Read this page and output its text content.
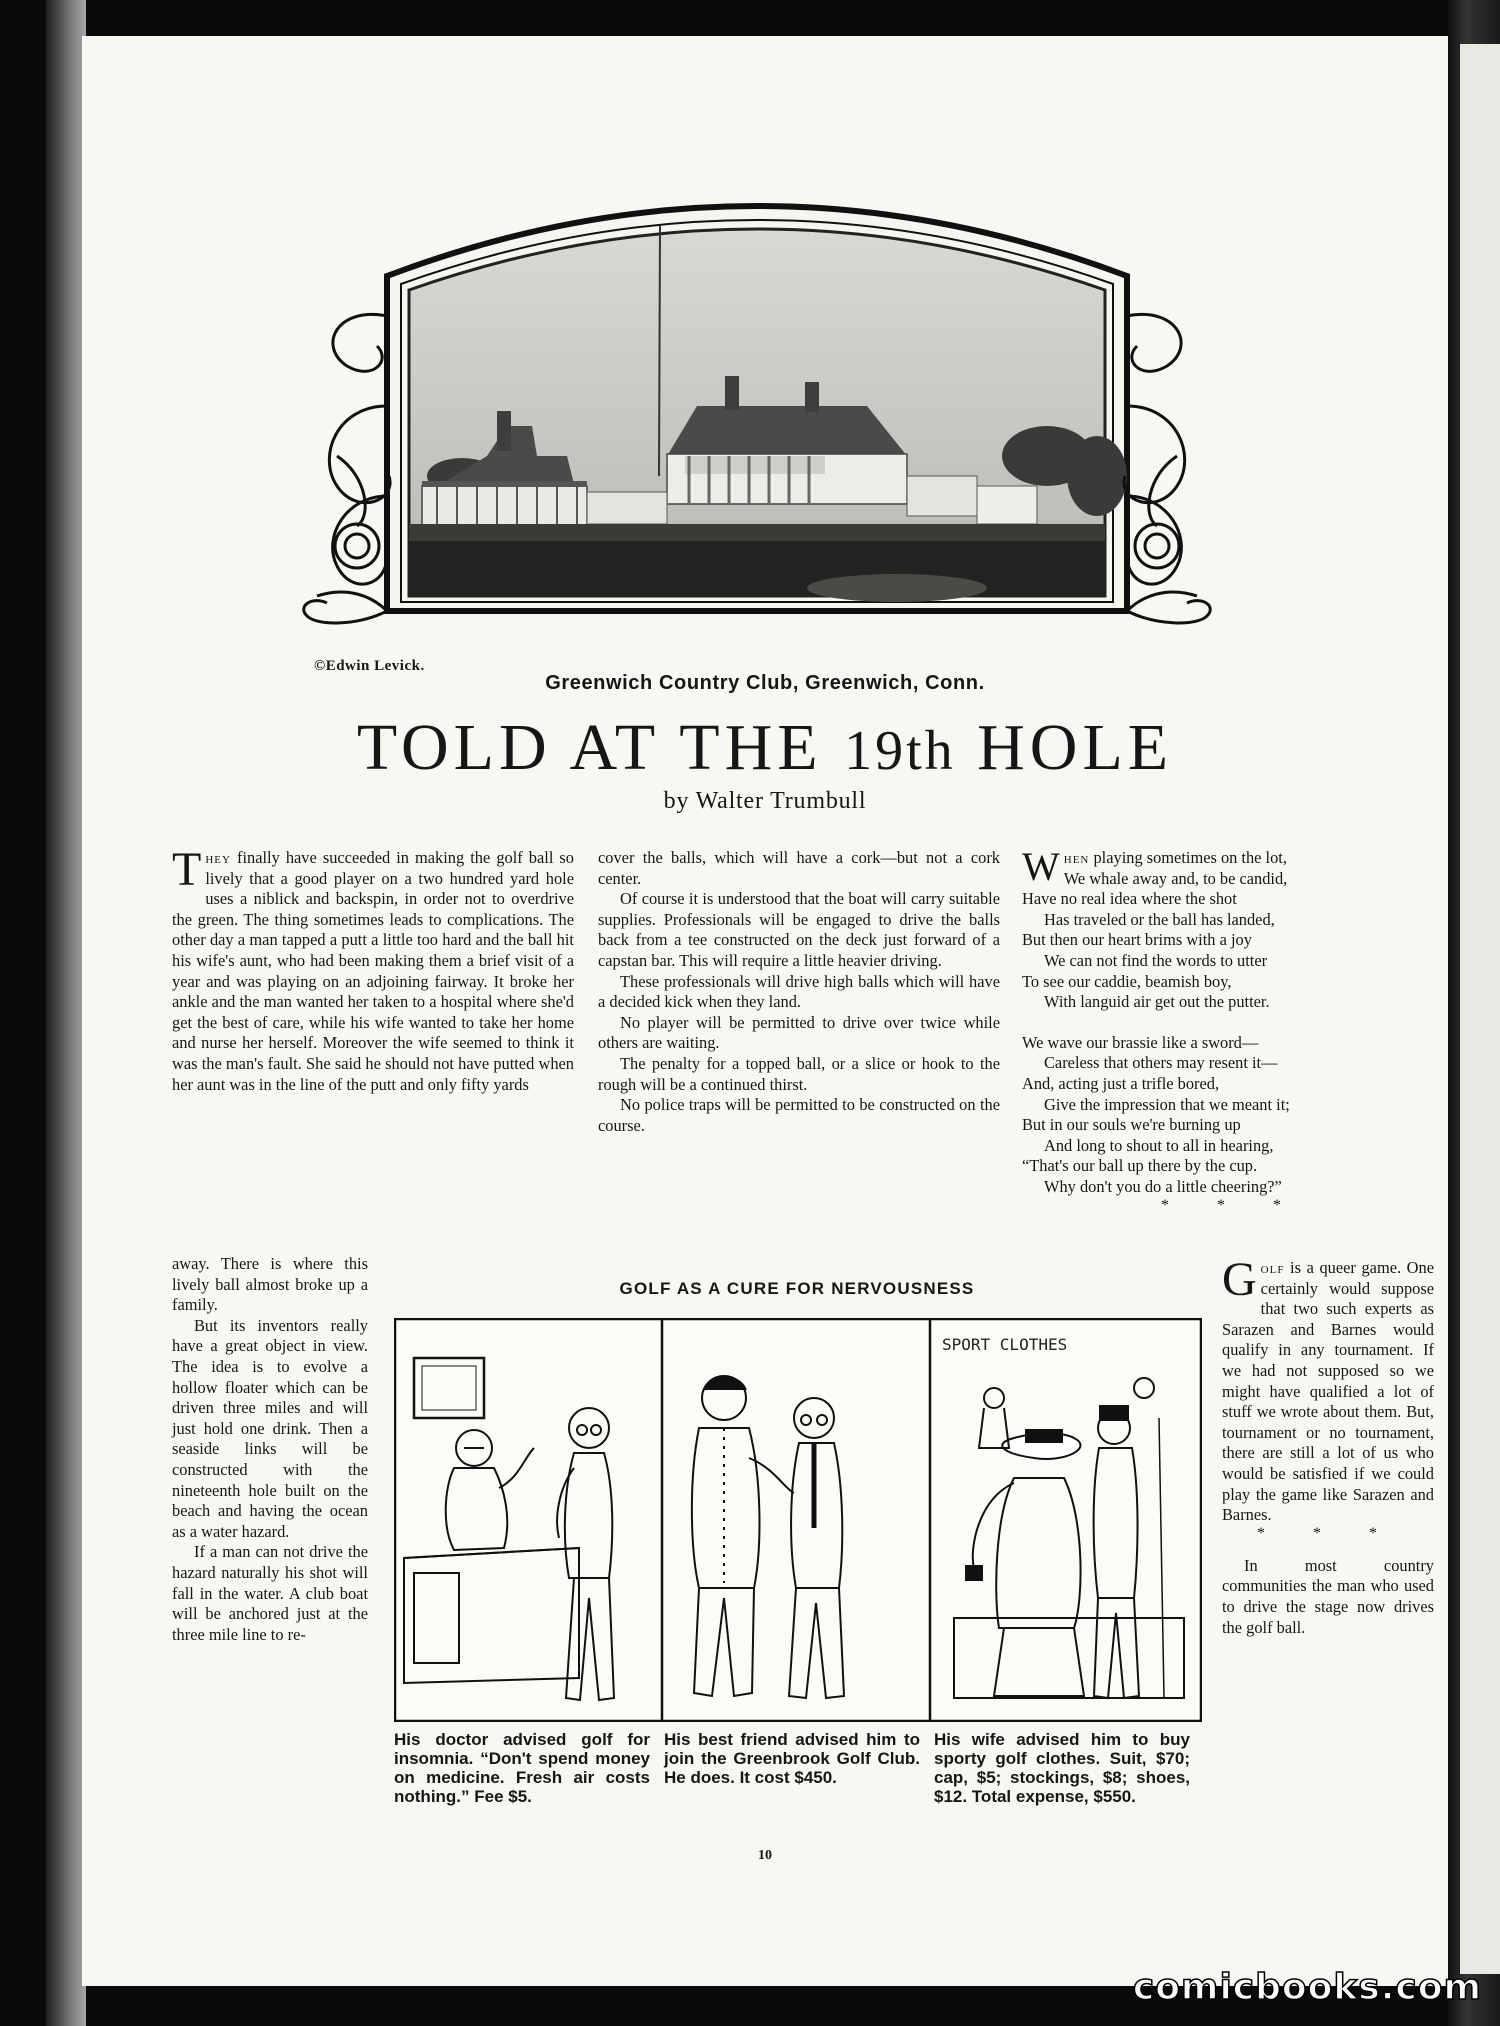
©Edwin Levick.
Greenwich Country Club, Greenwich, Conn.
TOLD AT THE 19th HOLE
by Walter Trumbull

They finally have succeeded in making the golf ball so lively that a good player on a two hundred yard hole uses a niblick and backspin, in order not to overdrive the green. The thing sometimes leads to complications. The other day a man tapped a putt a little too hard and the ball hit his wife's aunt, who had been making them a brief visit of a year and was playing on an adjoining fairway. It broke her ankle and the man wanted her taken to a hospital where she'd get the best of care, while his wife wanted to take her home and nurse her herself. Moreover the wife seemed to think it was the man's fault. She said he should not have putted when her aunt was in the line of the putt and only fifty yards

away. There is where this lively ball almost broke up a family.

But its inventors really have a great object in view. The idea is to evolve a hollow floater which can be driven three miles and will just hold one drink. Then a seaside links will be constructed with the nineteenth hole built on the beach and having the ocean as a water hazard.

If a man can not drive the hazard naturally his shot will fall in the water. A club boat will be anchored just at the three mile line to re-

cover the balls, which will have a cork—but not a cork center.

Of course it is understood that the boat will carry suitable supplies. Professionals will be engaged to drive the balls back from a tee constructed on the deck just forward of a capstan bar. This will require a little heavier driving.

These professionals will drive high balls which will have a decided kick when they land.

No player will be permitted to drive over twice while others are waiting.

The penalty for a topped ball, or a slice or hook to the rough will be a continued thirst.

No police traps will be permitted to be constructed on the course.

When playing sometimes on the lot,
We whale away and, to be candid,
Have no real idea where the shot
Has traveled or the ball has landed,
But then our heart brims with a joy
We can not find the words to utter
To see our caddie, beamish boy,
With languid air get out the putter.
We wave our brassie like a sword—
Careless that others may resent it—
And, acting just a trifle bored,
Give the impression that we meant it;
But in our souls we're burning up
And long to shout to all in hearing,
“That's our ball up there by the cup.
Why don't you do a little cheering?”
* * *

Golf is a queer game. One certainly would suppose that two such experts as Sarazen and Barnes would qualify in any tournament. If we had not supposed so we might have qualified a lot of stuff we wrote about them. But, tournament or no tournament, there are still a lot of us who would be satisfied if we could play the game like Sarazen and Barnes.

* * *

In most country communities the man who used to drive the stage now drives the golf ball.

GOLF AS A CURE FOR NERVOUSNESS
SPORT CLOTHES
His doctor advised golf for insomnia. “Don't spend money on medicine. Fresh air costs nothing.” Fee $5.
His best friend advised him to join the Greenbrook Golf Club. He does. It cost $450.
His wife advised him to buy sporty golf clothes. Suit, $70; cap, $5; stockings, $8; shoes, $12. Total expense, $550.
10
comicbooks.com
